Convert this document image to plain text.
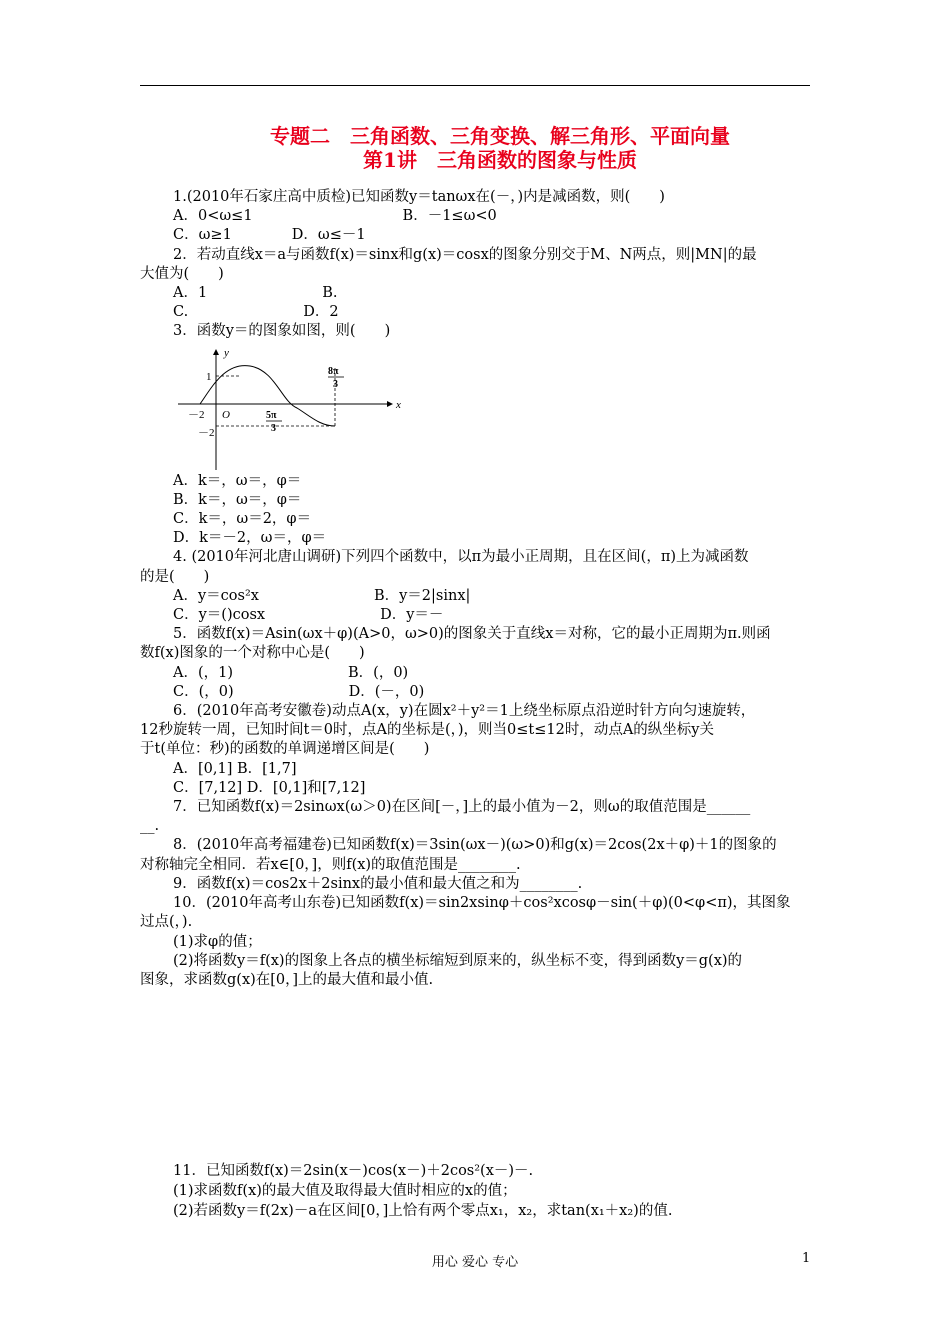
专题二　三角函数、三角变换、解三角形、平面向量
第1讲　三角函数的图象与性质

1.(2010年石家庄高中质检)已知函数y＝tanωx在(－，)内是减函数，则(　　)

A．0<ω≤1	B．－1≤ω<0

C．ω≥1	D．ω≤－1

2．若动直线x＝a与函数f(x)＝sinx和g(x)＝cosx的图象分别交于M、N两点，则|MN|的最

大值为(　　)

A．1	B.

C.	D．2

3．函数y＝的图象如图，则(　　)

y
x
O
1
－2
－2
5π
3
8π
3

A．k＝，ω＝，φ＝

B．k＝，ω＝，φ＝

C．k＝，ω＝2，φ＝

D．k＝－2，ω＝，φ＝

4. (2010年河北唐山调研)下列四个函数中，以π为最小正周期，且在区间(，π)上为减函数

的是(　　)

A．y＝cos²x	B．y＝2|sinx|

C．y＝()cosx	D．y＝－

5．函数f(x)＝Asin(ωx＋φ)(A>0，ω>0)的图象关于直线x＝对称，它的最小正周期为π.则函

数f(x)图象的一个对称中心是(　　)

A．(，1)	B．(，0)

C．(，0)	D．(－，0)

6．(2010年高考安徽卷)动点A(x，y)在圆x²＋y²＝1上绕坐标原点沿逆时针方向匀速旋转，

12秒旋转一周，已知时间t＝0时，点A的坐标是(，)，则当0≤t≤12时，动点A的纵坐标y关

于t(单位：秒)的函数的单调递增区间是(　　)

A．[0,1] B．[1,7]

C．[7,12] D．[0,1]和[7,12]

7．已知函数f(x)＝2sinωx(ω＞0)在区间[－，]上的最小值为－2，则ω的取值范围是______

__.

8．(2010年高考福建卷)已知函数f(x)＝3sin(ωx－)(ω>0)和g(x)＝2cos(2x＋φ)＋1的图象的

对称轴完全相同．若x∈[0，]，则f(x)的取值范围是________.

9．函数f(x)＝cos2x＋2sinx的最小值和最大值之和为________.

10．(2010年高考山东卷)已知函数f(x)＝sin2xsinφ＋cos²xcosφ－sin(＋φ)(0<φ<π)，其图象

过点(，).

(1)求φ的值；

(2)将函数y＝f(x)的图象上各点的横坐标缩短到原来的，纵坐标不变，得到函数y＝g(x)的

图象，求函数g(x)在[0，]上的最大值和最小值.

11．已知函数f(x)＝2sin(x－)cos(x－)＋2cos²(x－)－.

(1)求函数f(x)的最大值及取得最大值时相应的x的值；

(2)若函数y＝f(2x)－a在区间[0，]上恰有两个零点x₁，x₂，求tan(x₁＋x₂)的值.

用心 爱心 专心	1
